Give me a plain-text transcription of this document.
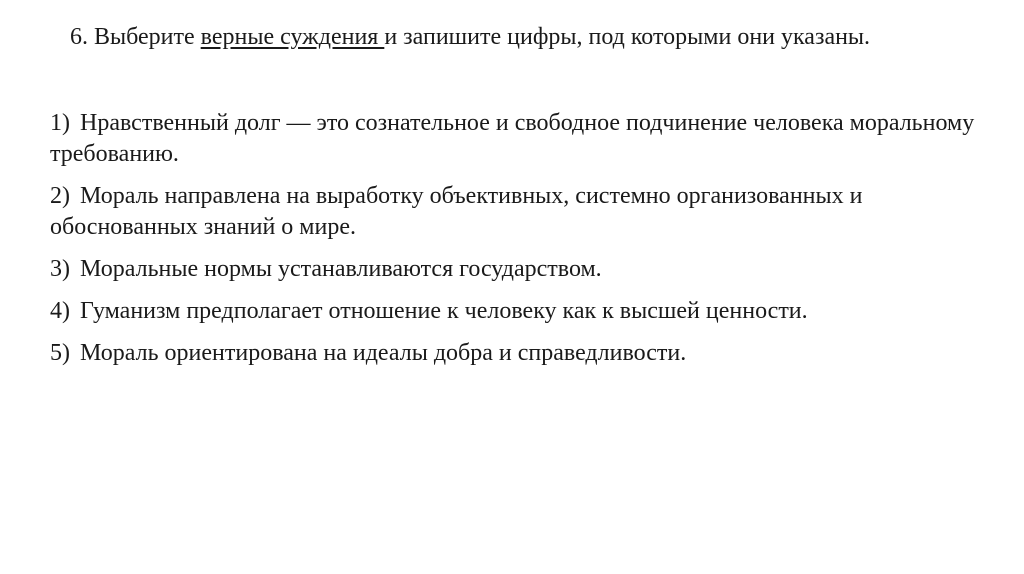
6. Выберите верные суждения и запишите цифры, под которыми они указаны.
1) Нравственный долг — это сознательное и свободное подчинение человека моральному требованию.
2) Мораль направлена на выработку объективных, системно организованных и обоснованных знаний о мире.
3) Моральные нормы устанавливаются государством.
4) Гуманизм предполагает отношение к человеку как к высшей ценности.
5) Мораль ориентирована на идеалы добра и справедливости.
